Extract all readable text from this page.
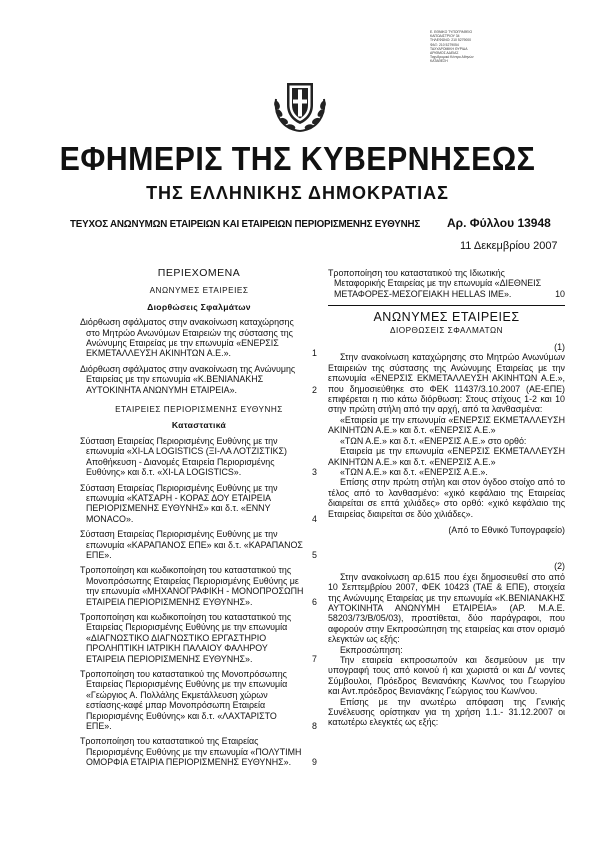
Ε. ΕΘΝΙΚΟ ΤΥΠΟΓΡΑΦΕΙΟ
ΚΑΠΟΔΙΣΤΡΙΟΥ 34
ΤΗΛΕΦΩΝΟ: 210 5279000
ΦΑΞ: 210 5279054
ΤΑΧΥΔΡΟΜΙΚΗ ΘΥΡΙΔΑ
ΑΡΙΘΜΟΣ ΑΔΕΙΑΣ
Ταχυδρομικό Κέντρο Αθηνών
ΚΑΤΑΘΕΣΗ
ΕΦΗΜΕΡΙΣ ΤΗΣ ΚΥΒΕΡΝΗΣΕΩΣ
ΤΗΣ ΕΛΛΗΝΙΚΗΣ ΔΗΜΟΚΡΑΤΙΑΣ
ΤΕΥΧΟΣ ΑΝΩΝΥΜΩΝ ΕΤΑΙΡΕΙΩΝ ΚΑΙ ΕΤΑΙΡΕΙΩΝ ΠΕΡΙΟΡΙΣΜΕΝΗΣ ΕΥΘΥΝΗΣ Αρ. Φύλλου 13948
11 Δεκεμβρίου 2007
ΠΕΡΙΕΧΟΜΕΝΑ
ΑΝΩΝΥΜΕΣ ΕΤΑΙΡΕΙΕΣ
Διορθώσεις Σφαλμάτων
Διόρθωση σφάλματος στην ανακοίνωση καταχώρησης στο Μητρώο Ανωνύμων Εταιρειών της σύστασης της Ανώνυμης Εταιρείας με την επωνυμία «ΕΝΕΡΣΙΣ ΕΚΜΕΤΑΛΛΕΥΣΗ ΑΚΙΝΗΤΩΝ Α.Ε.».	1
Διόρθωση σφάλματος στην ανακοίνωση της Ανώνυμης Εταιρείας με την επωνυμία «Κ.ΒΕΝΙΑΝΑΚΗΣ ΑΥΤΟΚΙΝΗΤΑ ΑΝΩΝΥΜΗ ΕΤΑΙΡΕΙΑ».	2
ΕΤΑΙΡΕΙΕΣ ΠΕΡΙΟΡΙΣΜΕΝΗΣ ΕΥΘΥΝΗΣ
Καταστατικά
Σύσταση Εταιρείας Περιορισμένης Ευθύνης με την επωνυμία «ΧΙ-LA LOGISTICS (ΞΙ-ΛΑ ΛΟΤΖΙΣΤΙΚΣ) Αποθήκευση - Διανομές Εταιρεία Περιορισμένης Ευθύνης» και δ.τ. «ΧΙ-LA LOGISTICS».	3
Σύσταση Εταιρείας Περιορισμένης Ευθύνης με την επωνυμία «ΚΑΤΣΑΡΗ - ΚΟΡΑΣ ΔΟΥ ΕΤΑΙΡΕΙΑ ΠΕΡΙΟΡΙΣΜΕΝΗΣ ΕΥΘΥΝΗΣ» και δ.τ. «ΕΝΝΥ MONACO».	4
Σύσταση Εταιρείας Περιορισμένης Ευθύνης με την επωνυμία «ΚΑΡΑΠΑΝΟΣ ΕΠΕ» και δ.τ. «ΚΑΡΑΠΑΝΟΣ ΕΠΕ».	5
Τροποποίηση και κωδικοποίηση του καταστατικού της Μονοπρόσωπης Εταιρείας Περιορισμένης Ευθύνης με την επωνυμία «ΜΗΧΑΝΟΓΡΑΦΙΚΗ - ΜΟΝΟΠΡΟΣΩΠΗ ΕΤΑΙΡΕΙΑ ΠΕΡΙΟΡΙΣΜΕΝΗΣ ΕΥΘΥΝΗΣ».	6
Τροποποίηση και κωδικοποίηση του καταστατικού της Εταιρείας Περιορισμένης Ευθύνης με την επωνυμία «ΔΙΑΓΝΩΣΤΙΚΟ ΔΙΑΓΝΩΣΤΙΚΟ ΕΡΓΑΣΤΗΡΙΟ ΠΡΟΛΗΠΤΙΚΗ ΙΑΤΡΙΚΗ ΠΑΛΑΙΟΥ ΦΑΛΗΡΟΥ ΕΤΑΙΡΕΙΑ ΠΕΡΙΟΡΙΣΜΕΝΗΣ ΕΥΘΥΝΗΣ».	7
Τροποποίηση του καταστατικού της Μονοπρόσωπης Εταιρείας Περιορισμένης Ευθύνης με την επωνυμία «Γεώργιος Α. Πολλάλης Εκμετάλλευση χώρων εστίασης-καφέ μπαρ Μονοπρόσωπη Εταιρεία Περιορισμένης Ευθύνης» και δ.τ. «ΛΑΧΤΑΡΙΣΤΟ ΕΠΕ».	8
Τροποποίηση του καταστατικού της Εταιρείας Περιορισμένης Ευθύνης με την επωνυμία «ΠΟΛΥΤΙΜΗ ΟΜΟΡΦΙΑ ΕΤΑΙΡΙΑ ΠΕΡΙΟΡΙΣΜΕΝΗΣ ΕΥΘΥΝΗΣ». 9
Τροποποίηση του καταστατικού της Ιδιωτικής Μεταφορικής Εταιρείας με την επωνυμία «ΔΙΕΘΝΕΙΣ ΜΕΤΑΦΟΡΕΣ-ΜΕΣΟΓΕΙΑΚΗ HELLAS IME».	10
ΑΝΩΝΥΜΕΣ ΕΤΑΙΡΕΙΕΣ
ΔΙΟΡΘΩΣΕΙΣ ΣΦΑΛΜΑΤΩΝ
(1)

Στην ανακοίνωση καταχώρησης στο Μητρώο Ανωνύμων Εταιρειών της σύστασης της Ανώνυμης Εταιρείας με την επωνυμία «ΕΝΕΡΣΙΣ ΕΚΜΕΤΑΛΛΕΥΣΗ ΑΚΙΝΗΤΩΝ Α.Ε.», που δημοσιεύθηκε στο ΦΕΚ 11437/3.10.2007 (ΑΕ-ΕΠΕ) επιφέρεται η πιο κάτω διόρθωση: Στους στίχους 1-2 και 10 στην πρώτη στήλη από την αρχή, από τα λανθασμένα:

«Εταιρεία με την επωνυμία «ΕΝΕΡΣΙΣ ΕΚΜΕΤΑΛΛΕΥΣΗ ΑΚΙΝΗΤΩΝ Α.Ε.» και δ.τ. «ΕΝΕΡΣΙΣ Α.Ε.»

«ΤΩΝ Α.Ε.» και δ.τ. «ΕΝΕΡΣΙΣ Α.Ε.» στο ορθό:

Εταιρεία με την επωνυμία «ΕΝΕΡΣΙΣ ΕΚΜΕΤΑΛΛΕΥΣΗ ΑΚΙΝΗΤΩΝ Α.Ε.» και δ.τ. «ΕΝΕΡΣΙΣ Α.Ε.»

«ΤΩΝ Α.Ε.» και δ.τ. «ΕΝΕΡΣΙΣ Α.Ε.».

Επίσης στην πρώτη στήλη και στον όγδοο στοίχο από το τέλος από το λανθασμένο: «χικό κεφάλαιο της Εταιρείας διαιρείται σε επτά χιλιάδες» στο ορθό: «χικό κεφάλαιο της Εταιρείας διαιρείται σε δύο χιλιάδες».

(Από το Εθνικό Τυπογραφείο)
(2)

Στην ανακοίνωση αρ.615 που έχει δημοσιευθεί στο από 10 Σεπτεμβρίου 2007, ΦΕΚ 10423 (ΤΑΕ & ΕΠΕ), στοιχεία της Ανώνυμης Εταιρείας με την επωνυμία «Κ.ΒΕΝΙΑΝΑΚΗΣ ΑΥΤΟΚΙΝΗΤΑ ΑΝΩΝΥΜΗ ΕΤΑΙΡΕΙΑ» (ΑΡ. Μ.Α.Ε. 58203/73/Β/05/03), προστίθεται, δύο παράγραφοι, που αφορούν στην Εκπροσώπηση της εταιρείας και στον ορισμό ελεγκτών ως εξής:

Εκπροσώπηση:

Την εταιρεία εκπροσωπούν και δεσμεύουν με την υπογραφή τους από κοινού ή και χωριστά οι και Δ/ νοντες Σύμβουλοι, Πρόεδρος Βενιανάκης Κων/νος του Γεωργίου και Αντ.πρόεδρος Βενιανάκης Γεώργιος του Κων/νου.

Επίσης με την ανωτέρω απόφαση της Γενικής Συνέλευσης ορίστηκαν για τη χρήση 1.1.- 31.12.2007 οι κατωτέρω ελεγκτές ως εξής:
